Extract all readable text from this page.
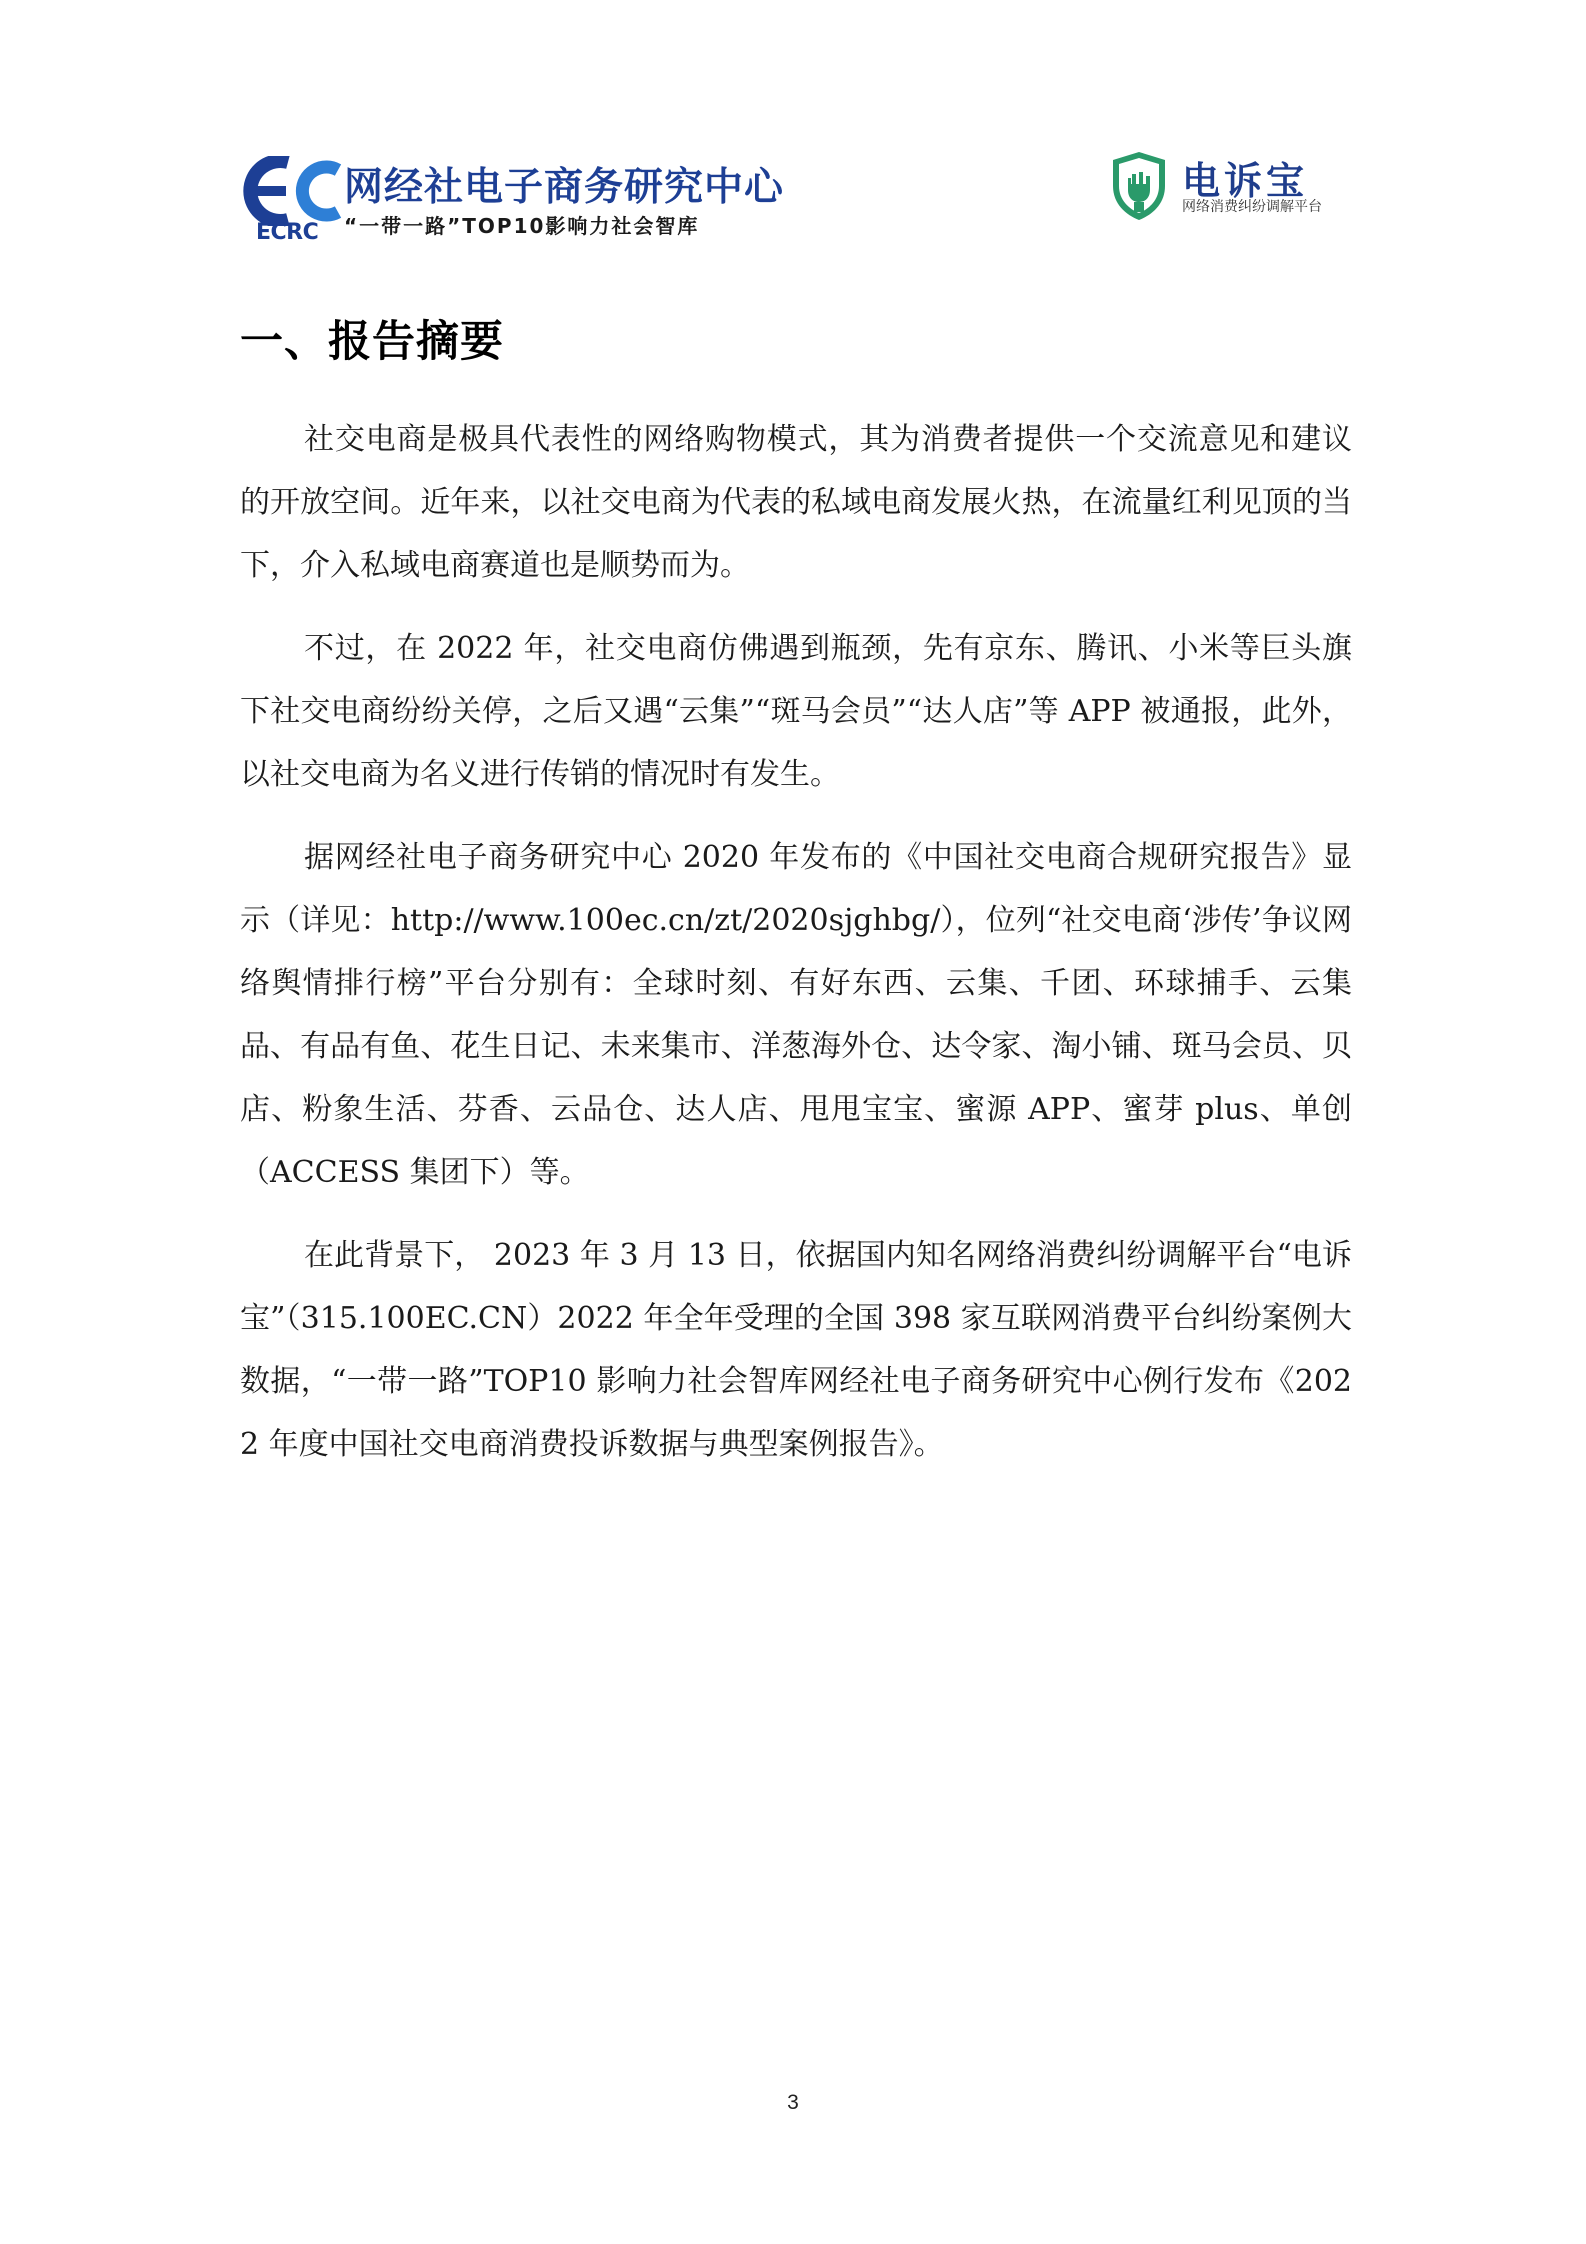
ECRC
网经社电子商务研究中心
“一带一路”TOP10影响力社会智库
电诉宝
网络消费纠纷调解平台
一、报告摘要

社交电商是极具代表性的网络购物模式，其为消费者提供一个交流意见和建议的开放空间。近年来，以社交电商为代表的私域电商发展火热，在流量红利见顶的当下，介入私域电商赛道也是顺势而为。

不过，在 2022 年，社交电商仿佛遇到瓶颈，先有京东、腾讯、小米等巨头旗下社交电商纷纷关停，之后又遇“云集”“斑马会员”“达人店”等 APP 被通报，此外，以社交电商为名义进行传销的情况时有发生。

据网经社电子商务研究中心 2020 年发布的《中国社交电商合规研究报告》显示（详见：http://www.100ec.cn/zt/2020sjghbg/），位列“社交电商‘涉传’争议网络舆情排行榜”平台分别有：全球时刻、有好东西、云集、千团、环球捕手、云集品、有品有鱼、花生日记、未来集市、洋葱海外仓、达令家、淘小铺、斑马会员、贝店、粉象生活、芬香、云品仓、达人店、甩甩宝宝、蜜源 APP、蜜芽 plus、单创（ACCESS 集团下）等。

在此背景下， 2023 年 3 月 13 日，依据国内知名网络消费纠纷调解平台“电诉宝”（315.100EC.CN）2022 年全年受理的全国 398 家互联网消费平台纠纷案例大数据，“一带一路”TOP10 影响力社会智库网经社电子商务研究中心例行发布《2022 年度中国社交电商消费投诉数据与典型案例报告》。

3
